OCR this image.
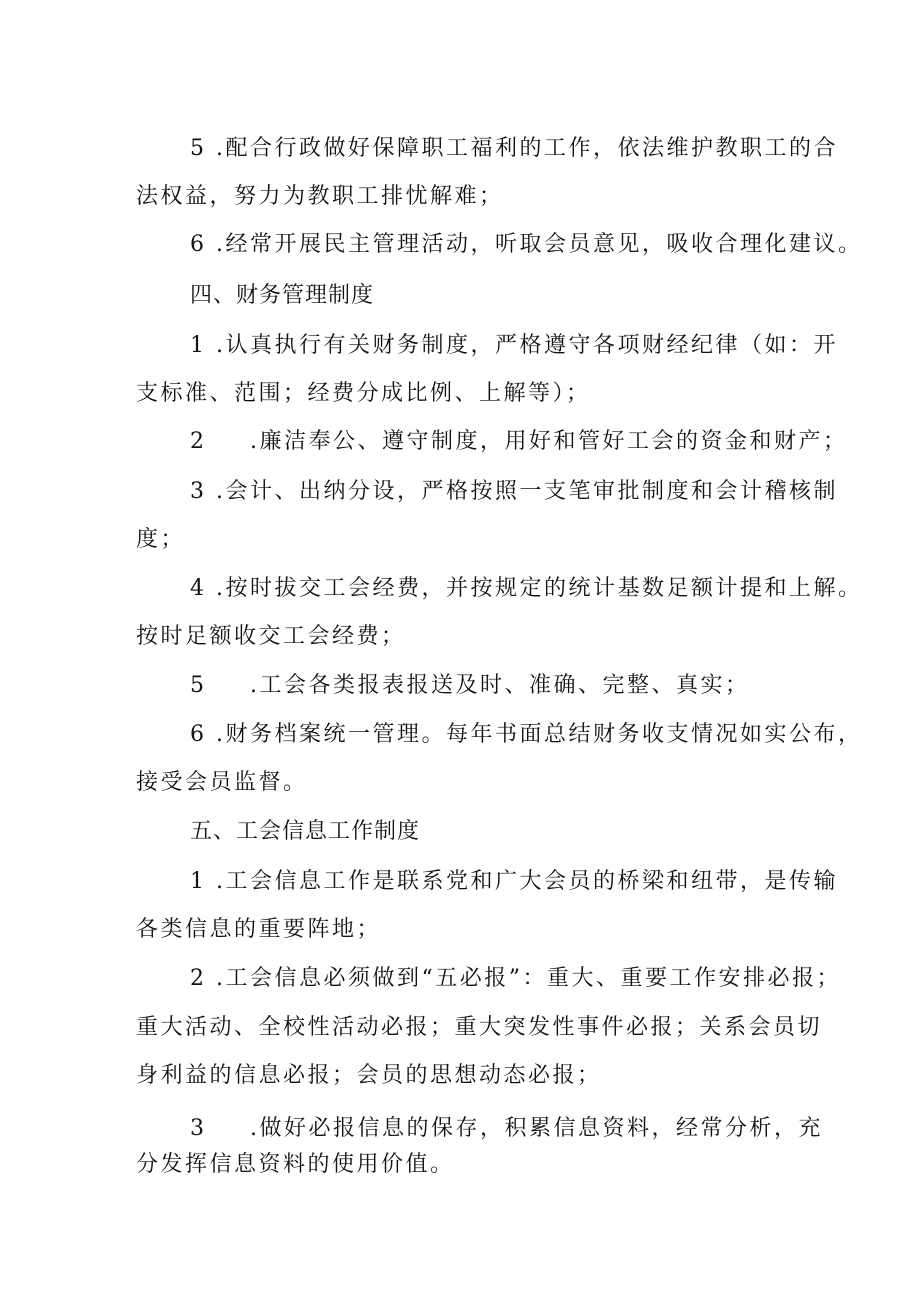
5 .配合行政做好保障职工福利的工作，依法维护教职工的合
法权益，努力为教职工排忧解难；
6 .经常开展民主管理活动，听取会员意见，吸收合理化建议。
四、财务管理制度
1 .认真执行有关财务制度，严格遵守各项财经纪律（如：开
支标准、范围；经费分成比例、上解等）；
2 　 .廉洁奉公、遵守制度，用好和管好工会的资金和财产；
3 .会计、出纳分设，严格按照一支笔审批制度和会计稽核制
度；
4 .按时拔交工会经费，并按规定的统计基数足额计提和上解。
按时足额收交工会经费；
5 　 .工会各类报表报送及时、准确、完整、真实；
6 .财务档案统一管理。每年书面总结财务收支情况如实公布，
接受会员监督。
五、工会信息工作制度
1 .工会信息工作是联系党和广大会员的桥梁和纽带，是传输
各类信息的重要阵地；
2 .工会信息必须做到“五必报”：重大、重要工作安排必报；
重大活动、全校性活动必报；重大突发性事件必报；关系会员切
身利益的信息必报；会员的思想动态必报；
3 　 .做好必报信息的保存，积累信息资料，经常分析，充
分发挥信息资料的使用价值。
